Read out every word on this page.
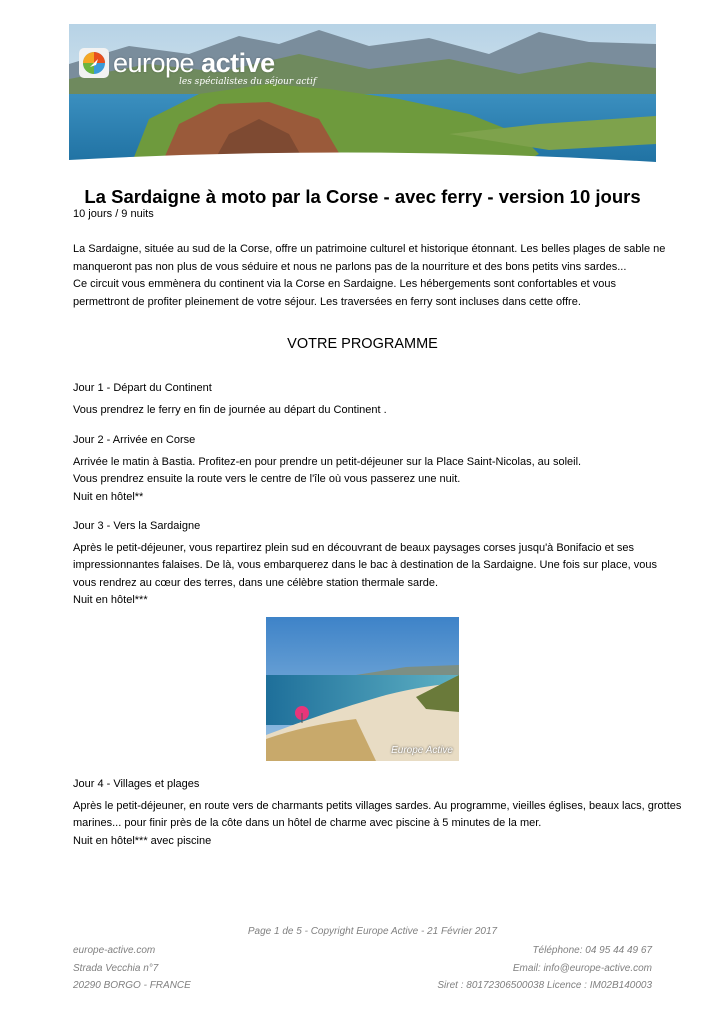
europe active
les spécialistes du séjour actif
La Sardaigne à moto par la Corse - avec ferry - version 10 jours
10 jours / 9 nuits

La Sardaigne, située au sud de la Corse, offre un patrimoine culturel et historique étonnant. Les belles plages de sable ne manqueront pas non plus de vous séduire et nous ne parlons pas de la nourriture et des bons petits vins sardes...

Ce circuit vous emmènera du continent via la Corse en Sardaigne. Les hébergements sont confortables et vous permettront de profiter pleinement de votre séjour. Les traversées en ferry sont incluses dans cette offre.

VOTRE PROGRAMME

Jour 1 - Départ du Continent

Vous prendrez le ferry en fin de journée au départ du Continent .

Jour 2 - Arrivée en Corse

Arrivée le matin à Bastia. Profitez-en pour prendre un petit-déjeuner sur la Place Saint-Nicolas, au soleil.

Vous prendrez ensuite la route vers le centre de l'île où vous passerez une nuit.

Nuit en hôtel**

Jour 3 - Vers la Sardaigne

Après le petit-déjeuner, vous repartirez plein sud en découvrant de beaux paysages corses jusqu'à Bonifacio et ses impressionnantes falaises. De là, vous embarquerez dans le bac à destination de la Sardaigne. Une fois sur place, vous vous rendrez au cœur des terres, dans une célèbre station thermale sarde.

Nuit en hôtel***

Europe Active

Jour 4 - Villages et plages

Après le petit-déjeuner, en route vers de charmants petits villages sardes. Au programme, vieilles églises, beaux lacs, grottes marines... pour finir près de la côte dans un hôtel de charme avec piscine à 5 minutes de la mer.

Nuit en hôtel*** avec piscine

Page 1 de 5 - Copyright Europe Active - 21 Février 2017
europe-active.com
Strada Vecchia n°7
20290 BORGO - FRANCE
Téléphone: 04 95 44 49 67
Email: info@europe-active.com
Siret : 80172306500038 Licence : IM02B140003
